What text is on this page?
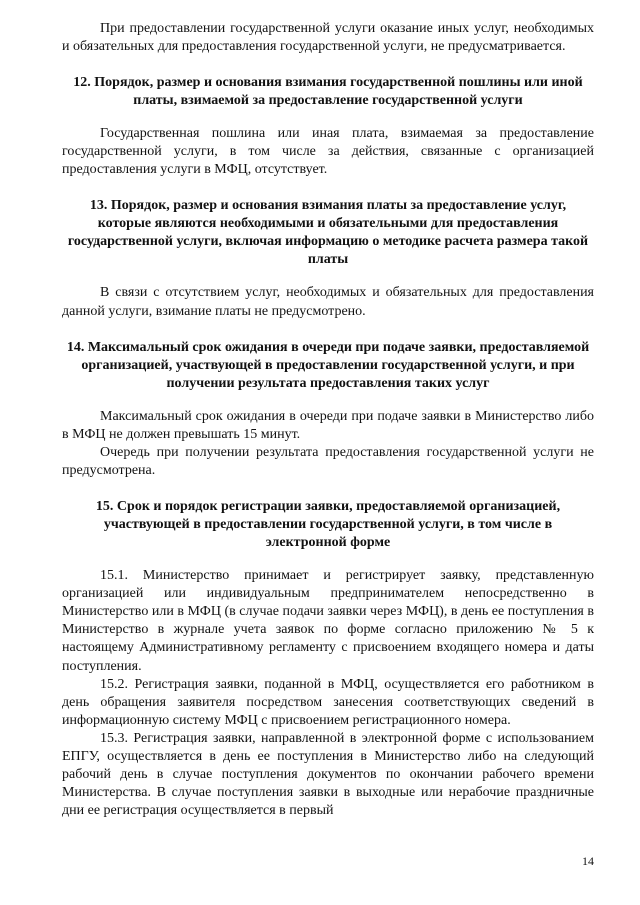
При предоставлении государственной услуги оказание иных услуг, необходимых и обязательных для предоставления государственной услуги, не предусматривается.

12. Порядок, размер и основания взимания государственной пошлины или иной платы, взимаемой за предоставление государственной услуги

Государственная пошлина или иная плата, взимаемая за предоставление государственной услуги, в том числе за действия, связанные с организацией предоставления услуги в МФЦ, отсутствует.

13. Порядок, размер и основания взимания платы за предоставление услуг, которые являются необходимыми и обязательными для предоставления государственной услуги, включая информацию о методике расчета размера такой платы

В связи с отсутствием услуг, необходимых и обязательных для предоставления данной услуги, взимание платы не предусмотрено.

14. Максимальный срок ожидания в очереди при подаче заявки, предоставляемой организацией, участвующей в предоставлении государственной услуги, и при получении результата предоставления таких услуг

Максимальный срок ожидания в очереди при подаче заявки в Министерство либо в МФЦ не должен превышать 15 минут.

Очередь при получении результата предоставления государственной услуги не предусмотрена.

15. Срок и порядок регистрации заявки, предоставляемой организацией, участвующей в предоставлении государственной услуги, в том числе в электронной форме

15.1. Министерство принимает и регистрирует заявку, представленную организацией или индивидуальным предпринимателем непосредственно в Министерство или в МФЦ (в случае подачи заявки через МФЦ), в день ее поступления в Министерство в журнале учета заявок по форме согласно приложению № 5 к настоящему Административному регламенту с присвоением входящего номера и даты поступления.

15.2. Регистрация заявки, поданной в МФЦ, осуществляется его работником в день обращения заявителя посредством занесения соответствующих сведений в информационную систему МФЦ с присвоением регистрационного номера.

15.3. Регистрация заявки, направленной в электронной форме с использованием ЕПГУ, осуществляется в день ее поступления в Министерство либо на следующий рабочий день в случае поступления документов по окончании рабочего времени Министерства. В случае поступления заявки в выходные или нерабочие праздничные дни ее регистрация осуществляется в первый

14
